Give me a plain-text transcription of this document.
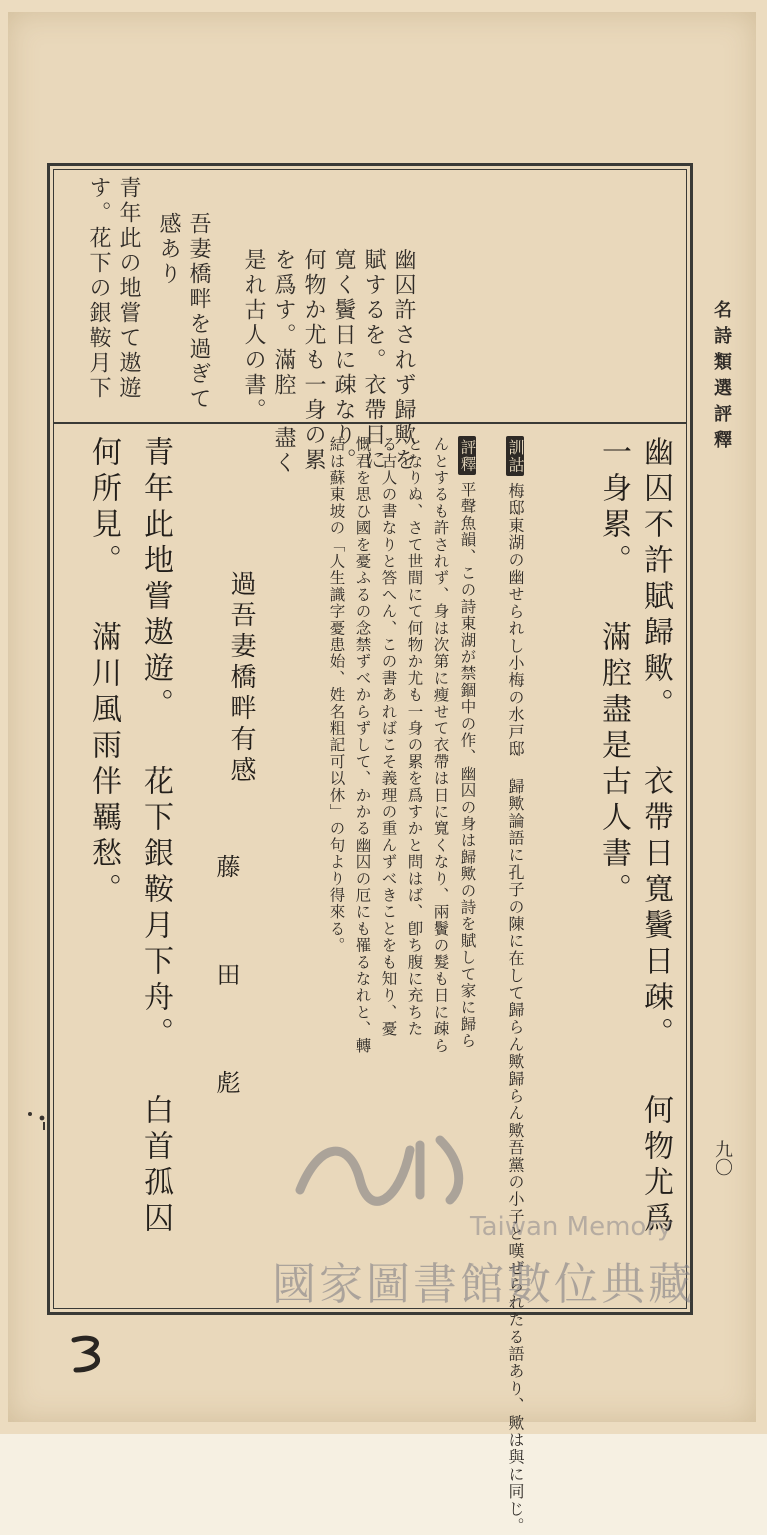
名詩類選評釋
幽囚許されず歸歟を
賦するを。衣帶日に
寛く鬢日に疎なり。
何物か尤も一身の累
を爲す。滿腔 盡く
是れ古人の書。
吾妻橋畔を過ぎて
感あり
青年此の地嘗て遨遊
す。花下の銀鞍月下
幽囚不許賦歸歟。 衣帶日寬鬢日疎。 何物尤爲
一身累。 滿腔盡是古人書。
訓詁梅邸東湖の幽せられし小梅の水戸邸 歸歟論語に孔子の陳に在して歸らん歟歸らん歟吾黨の小子と嘆ぜられたる語あり、歟は與に同じ。
評釋平聲魚韻、この詩東湖が禁錮中の作、幽囚の身は歸歟の詩を賦して家に歸ら
んとするも許されず、身は次第に瘦せて衣帶は日に寬くなり、兩鬢の髮も日に疎ら
となりぬ、さて世間にて何物か尤も一身の累を爲すかと問はば、卽ち腹に充ちた
る古人の書なりと答へん、この書あればこそ義理の重んずべきことをも知り、憂
慨君を思ひ國を憂ふるの念禁ずべからずして、かかる幽囚の厄にも罹るなれと、轉
結は蘇東坡の「人生識字憂患始、姓名粗記可以休」の句より得來る。
過吾妻橋畔有感
藤 田 彪
青年此地嘗遨遊。 花下銀鞍月下舟。 白首孤囚
何所見。 滿川風雨伴羈愁。
九〇
Taiwan Memory
國家圖書館數位典藏
